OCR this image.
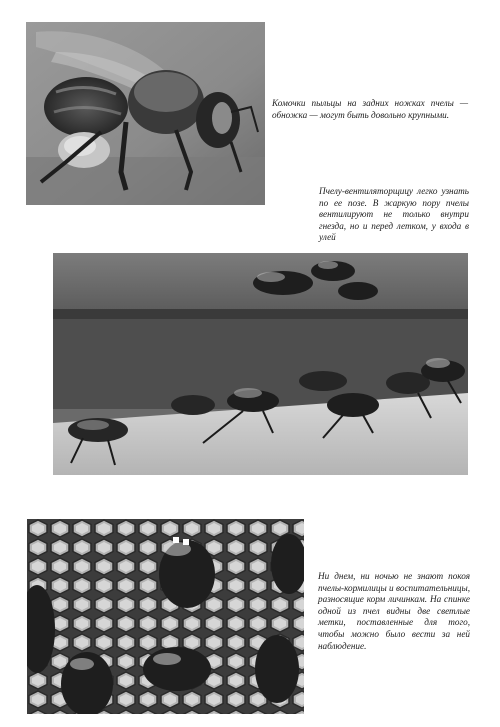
Комочки пыльцы на задних ножках пчелы — обножка — могут быть довольно крупными.
Пчелу-вентиляторщицу легко узнать по ее позе. В жаркую пору пчелы вентилируют не только внутри гнезда, но и перед летком, у входа в улей
Ни днем, ни ночью не знают покоя пчелы-кормилицы и воспитательницы, разносящие корм личинкам. На спинке одной из пчел видны две светлые метки, поставленные для того, чтобы можно было вести за ней наблюдение.
